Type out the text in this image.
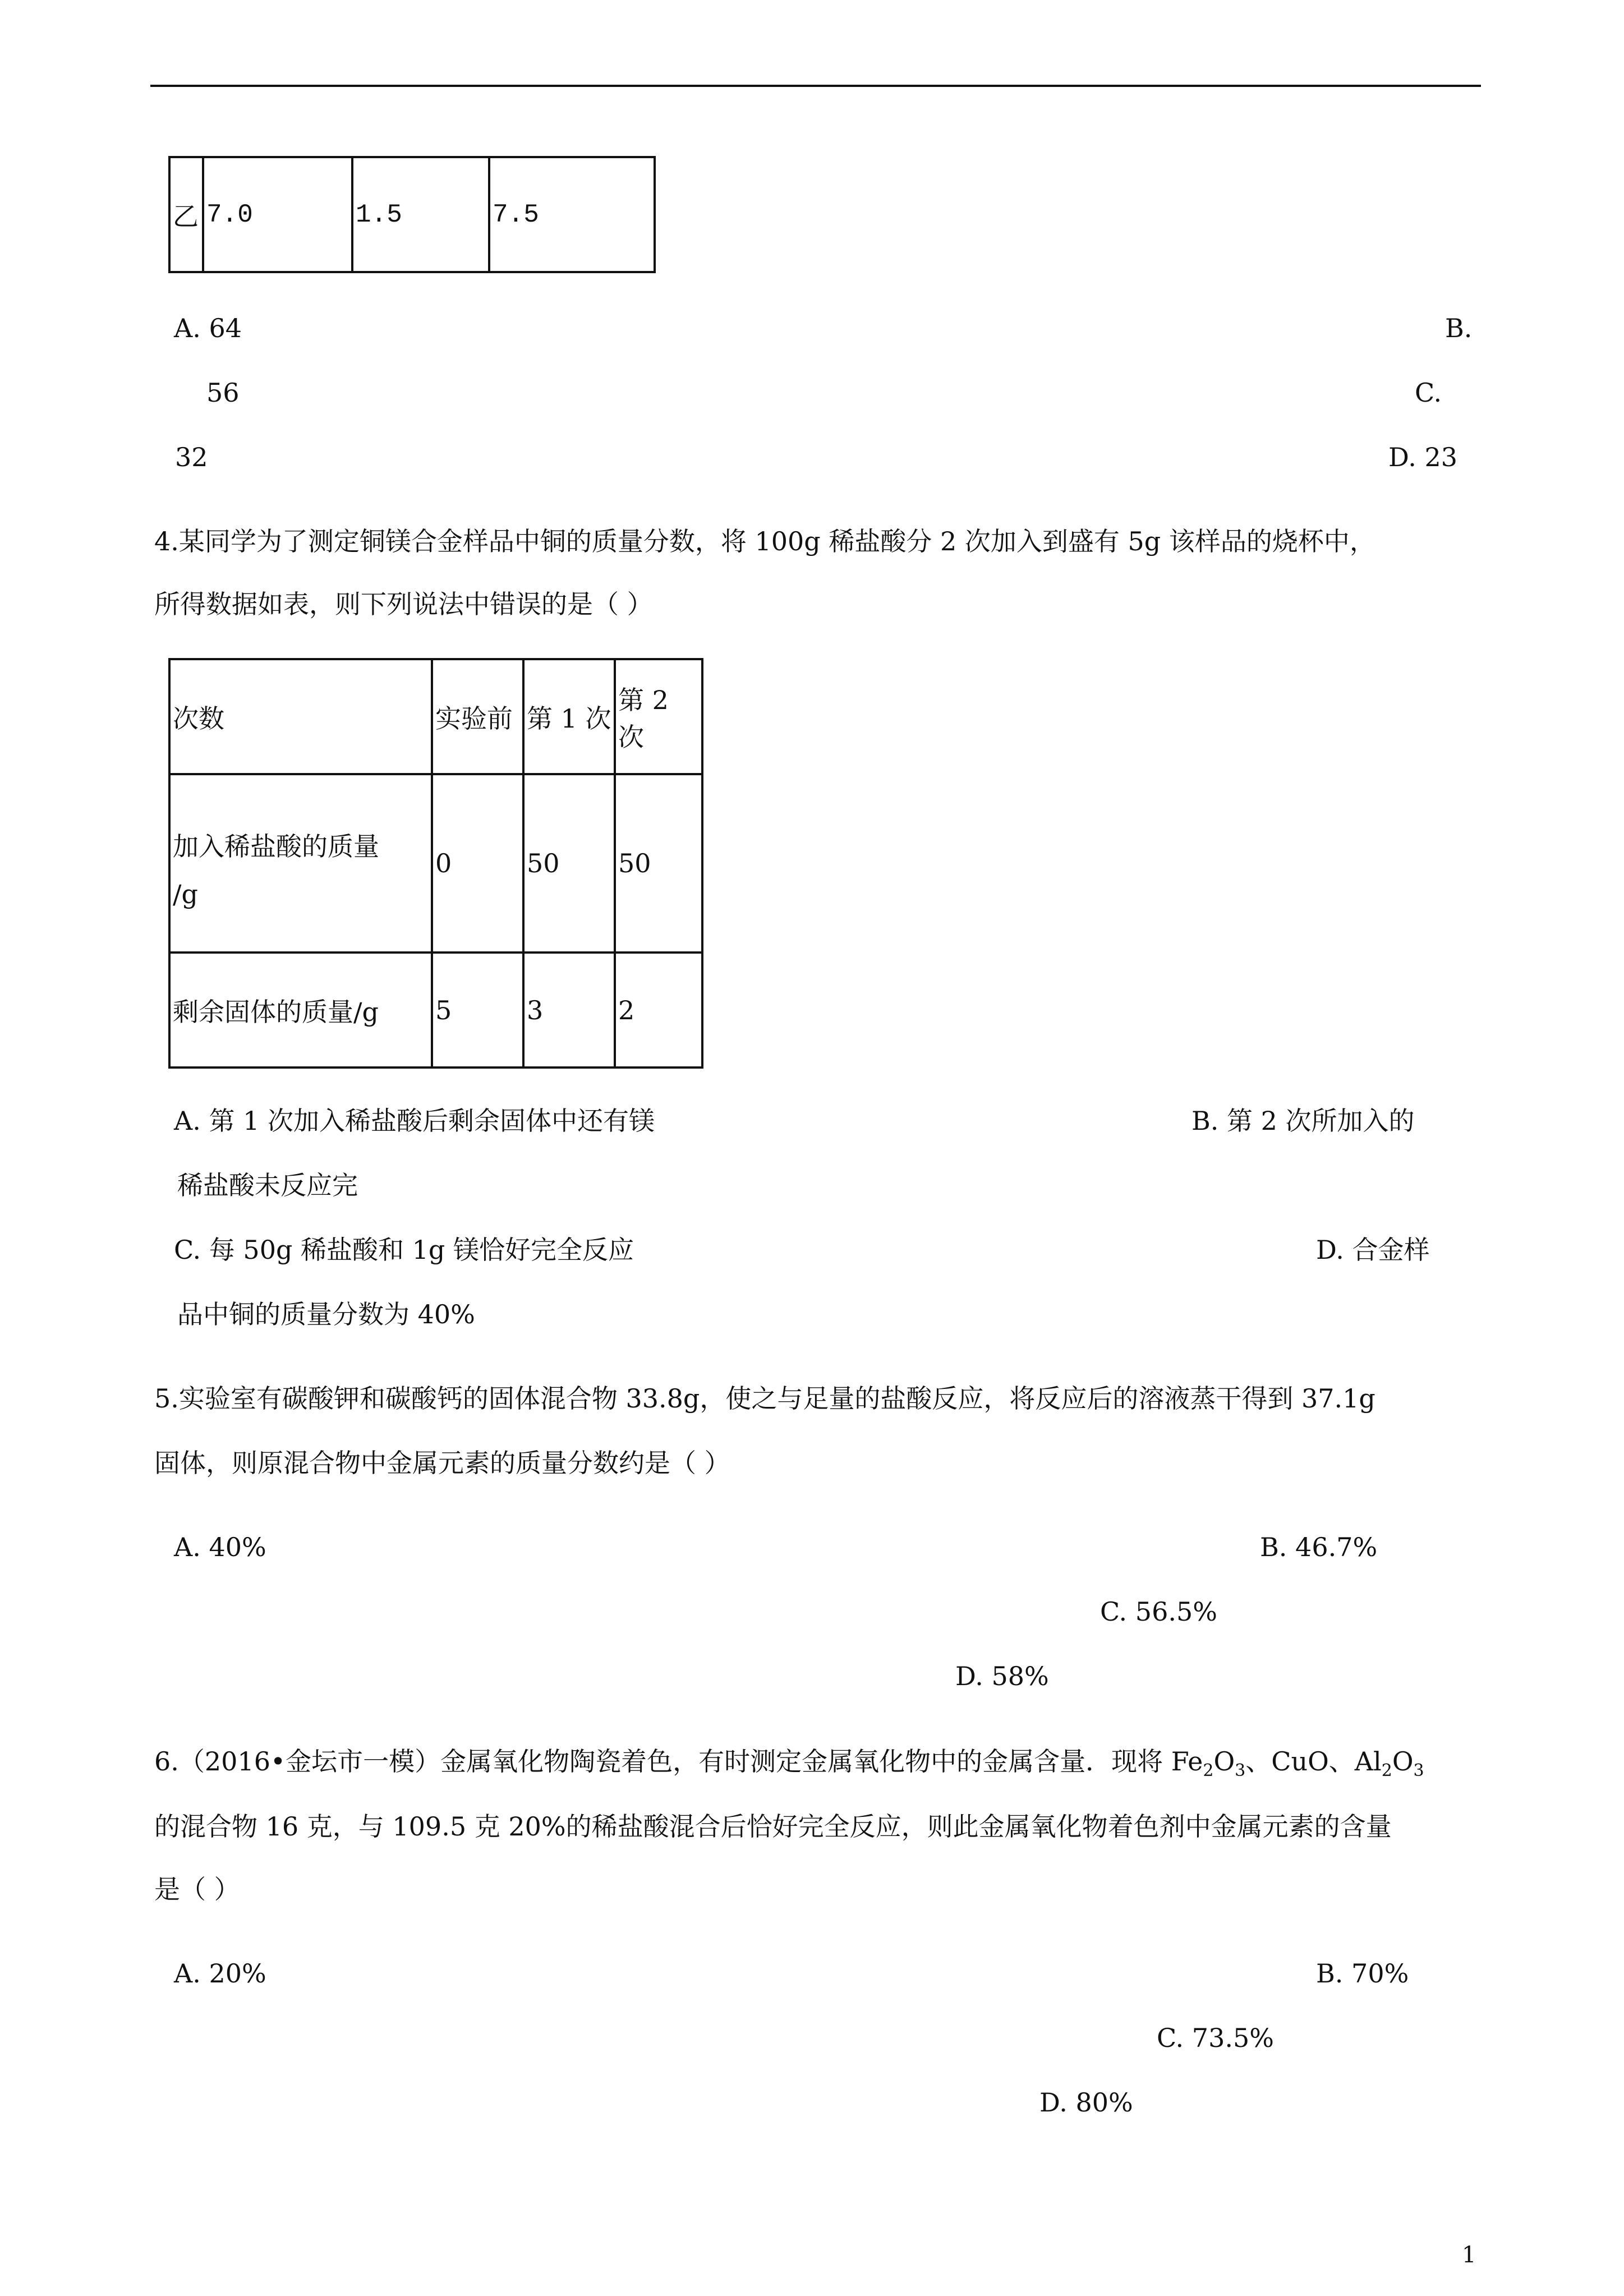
乙	7.0	1.5	7.5
A. 64	B.
56	C.
32	D. 23
4.某同学为了测定铜镁合金样品中铜的质量分数，将 100g 稀盐酸分 2 次加入到盛有 5g 该样品的烧杯中，
所得数据如表，则下列说法中错误的是（ ）
次数	实验前	第 1 次	第 2 次

加入稀盐酸的质量
/g	0	50	50
剩余固体的质量/g	5	3	2
A. 第 1 次加入稀盐酸后剩余固体中还有镁	B. 第 2 次所加入的
稀盐酸未反应完
C. 每 50g 稀盐酸和 1g 镁恰好完全反应	D. 合金样
品中铜的质量分数为 40%
5.实验室有碳酸钾和碳酸钙的固体混合物 33.8g，使之与足量的盐酸反应，将反应后的溶液蒸干得到 37.1g
固体，则原混合物中金属元素的质量分数约是（ ）
A. 40%	B. 46.7%
C. 56.5%
D. 58%
6.（2016•金坛市一模）金属氧化物陶瓷着色，有时测定金属氧化物中的金属含量．现将 $Fe_2O_3$、CuO、$Al_2O_3$
的混合物 16 克，与 109.5 克 20%的稀盐酸混合后恰好完全反应，则此金属氧化物着色剂中金属元素的含量
是（ ）
A. 20%	B. 70%
C. 73.5%
D. 80%
1
